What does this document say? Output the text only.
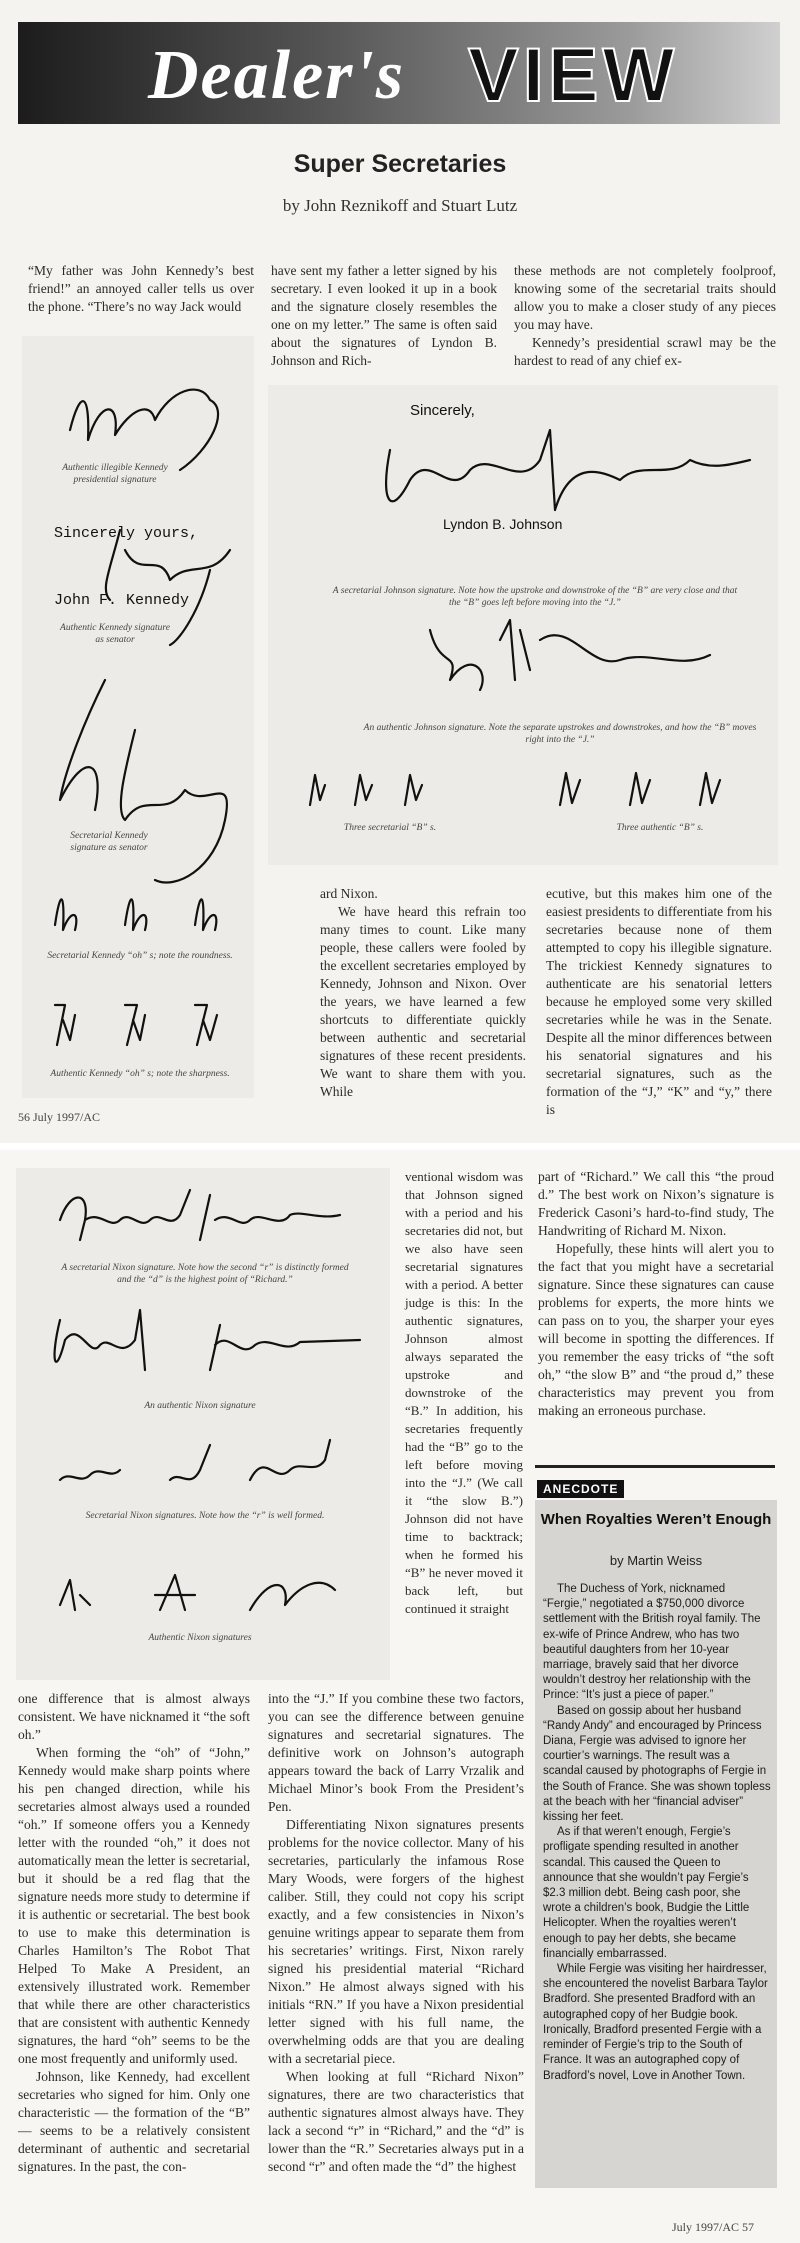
Dealer's VIEW
Super Secretaries
by John Reznikoff and Stuart Lutz

“My father was John Kennedy’s best friend!” an annoyed caller tells us over the phone. “There’s no way Jack would

have sent my father a letter signed by his secretary. I even looked it up in a book and the signature closely resembles the one on my letter.” The same is often said about the signatures of Lyndon B. Johnson and Rich-

these methods are not completely foolproof, knowing some of the secretarial traits should allow you to make a closer study of any pieces you may have.

Kennedy’s presidential scrawl may be the hardest to read of any chief ex-

Authentic illegible Kennedy presidential signature
Sincerely yours,
John F. Kennedy
Authentic Kennedy signature as senator
Secretarial Kennedy signature as senator
Secretarial Kennedy “oh” s; note the roundness.
Authentic Kennedy “oh” s; note the sharpness.
Sincerely,
Lyndon B. Johnson
A secretarial Johnson signature. Note how the upstroke and downstroke of the “B” are very close and that the “B” goes left before moving into the “J.”
An authentic Johnson signature. Note the separate upstrokes and downstrokes, and how the “B” moves right into the “J.”
Three secretarial “B” s.	Three authentic “B” s.

ard Nixon.

We have heard this refrain too many times to count. Like many people, these callers were fooled by the excellent secretaries employed by Kennedy, Johnson and Nixon. Over the years, we have learned a few shortcuts to differentiate quickly between authentic and secretarial signatures of these recent presidents. We want to share them with you. While

ecutive, but this makes him one of the easiest presidents to differentiate from his secretaries because none of them attempted to copy his illegible signature. The trickiest Kennedy signatures to authenticate are his senatorial letters because he employed some very skilled secretaries while he was in the Senate. Despite all the minor differences between his senatorial signatures and his secretarial signatures, such as the formation of the “J,” “K” and “y,” there is

56 July 1997/AC
A secretarial Nixon signature. Note how the second “r” is distinctly formed and the “d” is the highest point of “Richard.”
An authentic Nixon signature
Secretarial Nixon signatures. Note how the “r” is well formed.
Authentic Nixon signatures

ventional wisdom was that Johnson signed with a period and his secretaries did not, but we also have seen secretarial signatures with a period. A better judge is this: In the authentic signatures, Johnson almost always separated the upstroke and downstroke of the “B.” In addition, his secretaries frequently had the “B” go to the left before moving into the “J.” (We call it “the slow B.”) Johnson did not have time to backtrack; when he formed his “B” he never moved it back left, but continued it straight

part of “Richard.” We call this “the proud d.” The best work on Nixon’s signature is Frederick Casoni’s hard-to-find study, The Handwriting of Richard M. Nixon.

Hopefully, these hints will alert you to the fact that you might have a secretarial signature. Since these signatures can cause problems for experts, the more hints we can pass on to you, the sharper your eyes will become in spotting the differences. If you remember the easy tricks of “the soft oh,” “the slow B” and “the proud d,” these characteristics may prevent you from making an erroneous purchase.

one difference that is almost always consistent. We have nicknamed it “the soft oh.”

When forming the “oh” of “John,” Kennedy would make sharp points where his pen changed direction, while his secretaries almost always used a rounded “oh.” If someone offers you a Kennedy letter with the rounded “oh,” it does not automatically mean the letter is secretarial, but it should be a red flag that the signature needs more study to determine if it is authentic or secretarial. The best book to use to make this determination is Charles Hamilton’s The Robot That Helped To Make A President, an extensively illustrated work. Remember that while there are other characteristics that are consistent with authentic Kennedy signatures, the hard “oh” seems to be the one most frequently and uniformly used.

Johnson, like Kennedy, had excellent secretaries who signed for him. Only one characteristic — the formation of the “B” — seems to be a relatively consistent determinant of authentic and secretarial signatures. In the past, the con-

into the “J.” If you combine these two factors, you can see the difference between genuine signatures and secretarial signatures. The definitive work on Johnson’s autograph appears toward the back of Larry Vrzalik and Michael Minor’s book From the President’s Pen.

Differentiating Nixon signatures presents problems for the novice collector. Many of his secretaries, particularly the infamous Rose Mary Woods, were forgers of the highest caliber. Still, they could not copy his script exactly, and a few consistencies in Nixon’s genuine writings appear to separate them from his secretaries’ writings. First, Nixon rarely signed his presidential material “Richard Nixon.” He almost always signed with his initials “RN.” If you have a Nixon presidential letter signed with his full name, the overwhelming odds are that you are dealing with a secretarial piece.

When looking at full “Richard Nixon” signatures, there are two characteristics that authentic signatures almost always have. They lack a second “r” in “Richard,” and the “d” is lower than the “R.” Secretaries always put in a second “r” and often made the “d” the highest

ANECDOTE
When Royalties Weren’t Enough
by Martin Weiss

The Duchess of York, nicknamed “Fergie,” negotiated a $750,000 divorce settlement with the British royal family. The ex-wife of Prince Andrew, who has two beautiful daughters from her 10-year marriage, bravely said that her divorce wouldn’t destroy her relationship with the Prince: “It’s just a piece of paper.”

Based on gossip about her husband “Randy Andy” and encouraged by Princess Diana, Fergie was advised to ignore her courtier’s warnings. The result was a scandal caused by photographs of Fergie in the South of France. She was shown topless at the beach with her “financial adviser” kissing her feet.

As if that weren’t enough, Fergie’s profligate spending resulted in another scandal. This caused the Queen to announce that she wouldn’t pay Fergie’s $2.3 million debt. Being cash poor, she wrote a children’s book, Budgie the Little Helicopter. When the royalties weren’t enough to pay her debts, she became financially embarrassed.

While Fergie was visiting her hairdresser, she encountered the novelist Barbara Taylor Bradford. She presented Bradford with an autographed copy of her Budgie book. Ironically, Bradford presented Fergie with a reminder of Fergie’s trip to the South of France. It was an autographed copy of Bradford’s novel, Love in Another Town.

July 1997/AC 57
